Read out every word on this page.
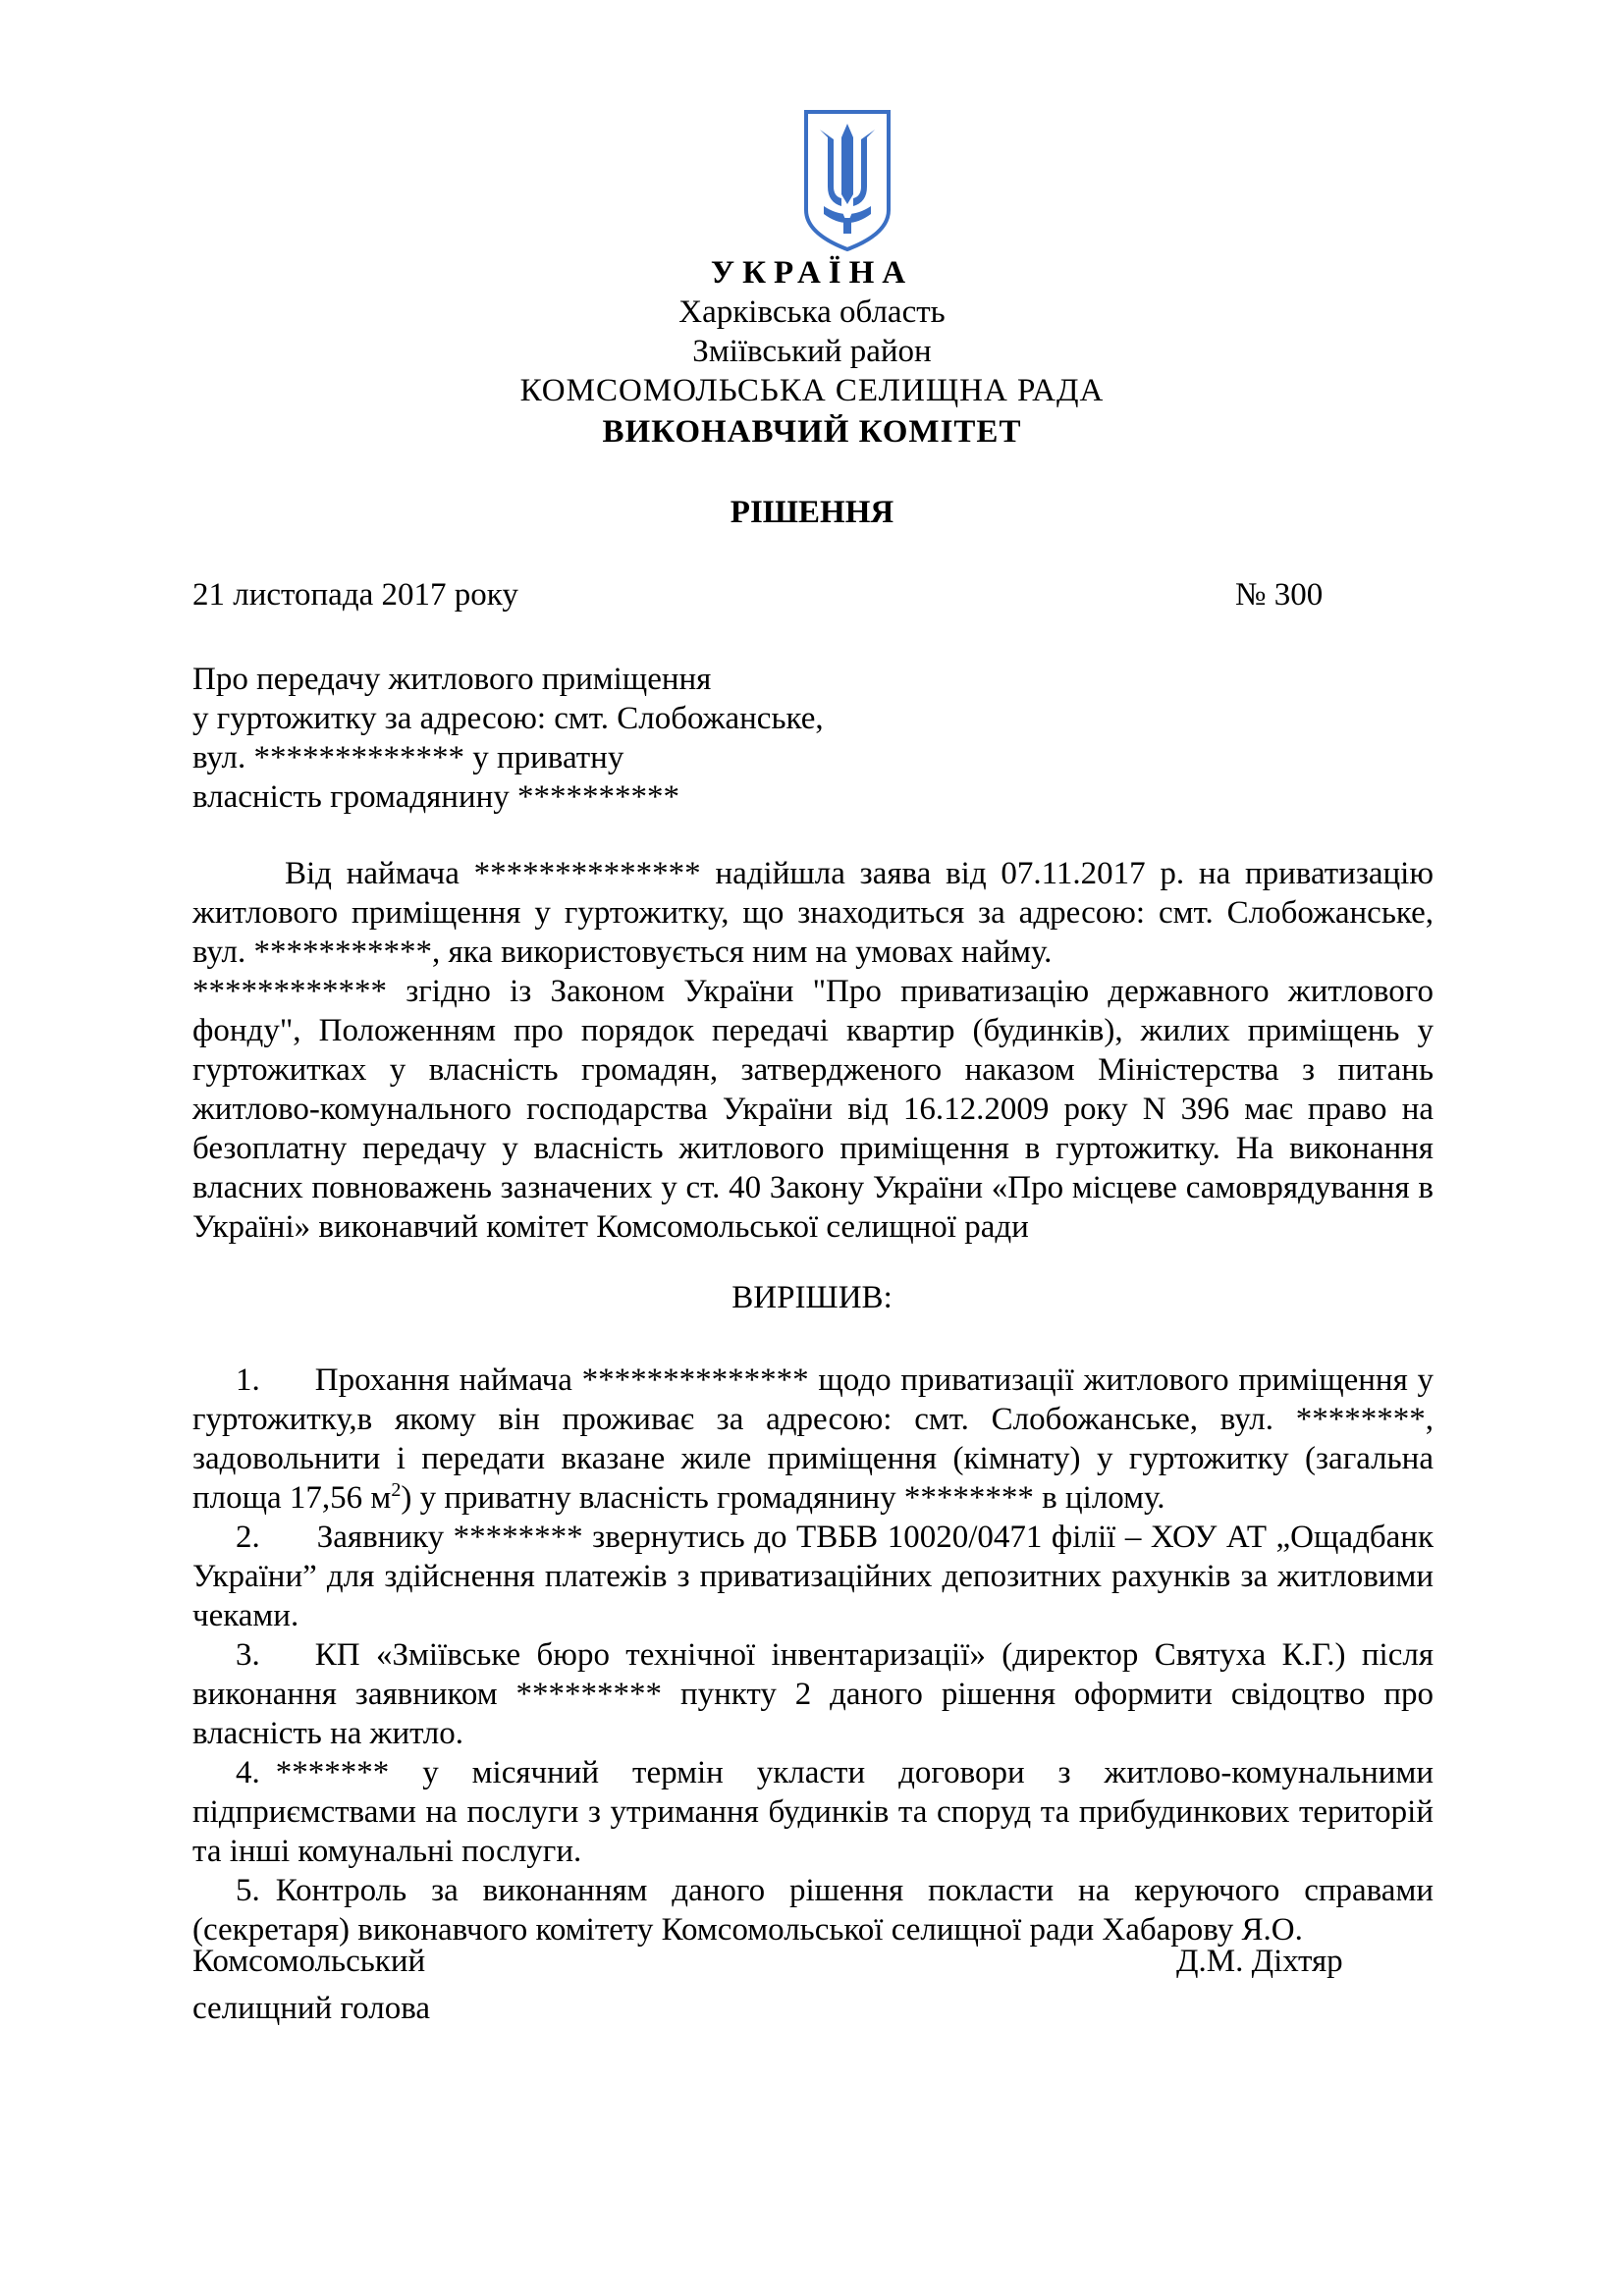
УКРАЇНА
Харківська область
Зміївський район
КОМСОМОЛЬСЬКА СЕЛИЩНА РАДА
ВИКОНАВЧИЙ КОМІТЕТ
РІШЕННЯ
21 листопада 2017 року	№ 300
Про передачу житлового приміщення
у гуртожитку за адресою: смт. Слобожанське,
вул. ************* у приватну
власність громадянину **********

Від наймача ************** надійшла заява від 07.11.2017 р. на приватизацію житлового приміщення у гуртожитку, що знаходиться за адресою: смт. Слобожанське, вул. ***********, яка використовується ним на умовах найму.

************ згідно із Законом України "Про приватизацію державного житлового фонду", Положенням про порядок передачі квартир (будинків), жилих приміщень у гуртожитках у власність громадян, затвердженого наказом Міністерства з питань житлово-комунального господарства України від 16.12.2009 року N 396 має право на безоплатну передачу у власність житлового приміщення в гуртожитку. На виконання власних повноважень зазначених у ст. 40 Закону України «Про місцеве самоврядування в Україні» виконавчий комітет Комсомольської селищної ради

ВИРІШИВ:

1. Прохання наймача ************** щодо приватизації житлового приміщення у гуртожитку,в якому він проживає за адресою: смт. Слобожанське, вул. ********, задовольнити і передати вказане жиле приміщення (кімнату) у гуртожитку (загальна площа 17,56 $м^2$) у приватну власність громадянину ******** в цілому.

2. Заявнику ******** звернутись до ТВБВ 10020/0471 філії – ХОУ АТ „Ощадбанк України” для здійснення платежів з приватизаційних депозитних рахунків за житловими чеками.

3. КП «Зміївське бюро технічної інвентаризації» (директор Святуха К.Г.) після виконання заявником ********* пункту 2 даного рішення оформити свідоцтво про власність на житло.

4. ******* у місячний термін укласти договори з житлово-комунальними підприємствами на послуги з утримання будинків та споруд та прибудинкових територій та інші комунальні послуги.

5. Контроль за виконанням даного рішення покласти на керуючого справами (секретаря) виконавчого комітету Комсомольської селищної ради Хабарову Я.О.

Комсомольський
селищний голова
Д.М. Діхтяр
